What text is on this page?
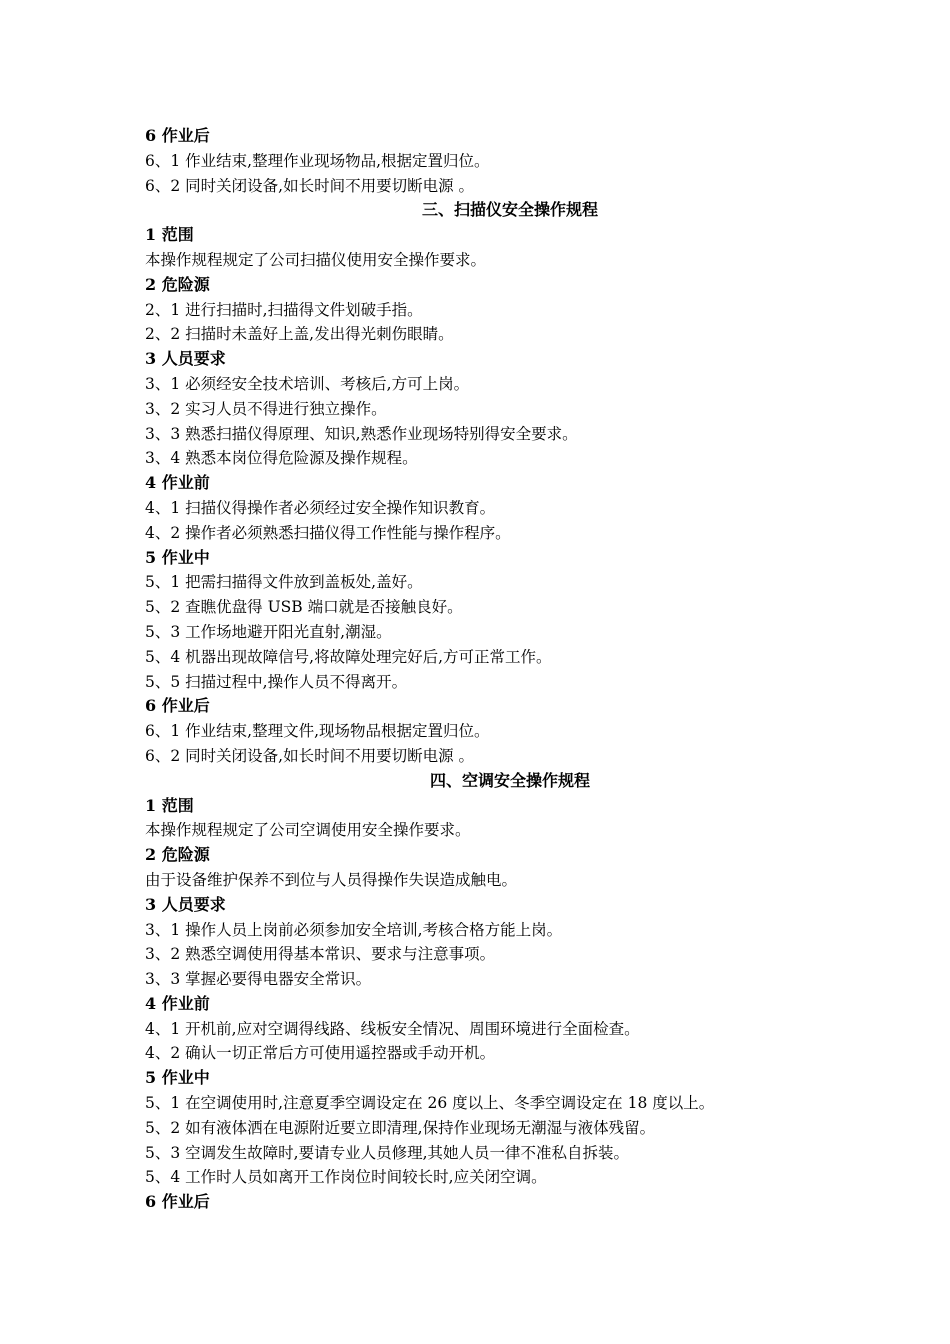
6 作业后
6、1 作业结束,整理作业现场物品,根据定置归位。
6、2 同时关闭设备,如长时间不用要切断电源 。
三、扫描仪安全操作规程
1 范围
本操作规程规定了公司扫描仪使用安全操作要求。
2 危险源
2、1 进行扫描时,扫描得文件划破手指。
2、2 扫描时未盖好上盖,发出得光刺伤眼睛。
3 人员要求
3、1 必须经安全技术培训、考核后,方可上岗。
3、2 实习人员不得进行独立操作。
3、3 熟悉扫描仪得原理、知识,熟悉作业现场特别得安全要求。
3、4 熟悉本岗位得危险源及操作规程。
4 作业前
4、1 扫描仪得操作者必须经过安全操作知识教育。
4、2 操作者必须熟悉扫描仪得工作性能与操作程序。
5 作业中
5、1 把需扫描得文件放到盖板处,盖好。
5、2 查瞧优盘得 USB 端口就是否接触良好。
5、3 工作场地避开阳光直射,潮湿。
5、4 机器出现故障信号,将故障处理完好后,方可正常工作。
5、5 扫描过程中,操作人员不得离开。
6 作业后
6、1 作业结束,整理文件,现场物品根据定置归位。
6、2 同时关闭设备,如长时间不用要切断电源 。
四、空调安全操作规程
1 范围
本操作规程规定了公司空调使用安全操作要求。
2 危险源
由于设备维护保养不到位与人员得操作失误造成触电。
3 人员要求
3、1 操作人员上岗前必须参加安全培训,考核合格方能上岗。
3、2 熟悉空调使用得基本常识、要求与注意事项。
3、3 掌握必要得电器安全常识。
4 作业前
4、1 开机前,应对空调得线路、线板安全情况、周围环境进行全面检查。
4、2 确认一切正常后方可使用遥控器或手动开机。
5 作业中
5、1 在空调使用时,注意夏季空调设定在 26 度以上、冬季空调设定在 18 度以上。
5、2 如有液体洒在电源附近要立即清理,保持作业现场无潮湿与液体残留。
5、3 空调发生故障时,要请专业人员修理,其她人员一律不准私自拆装。
5、4 工作时人员如离开工作岗位时间较长时,应关闭空调。
6 作业后
